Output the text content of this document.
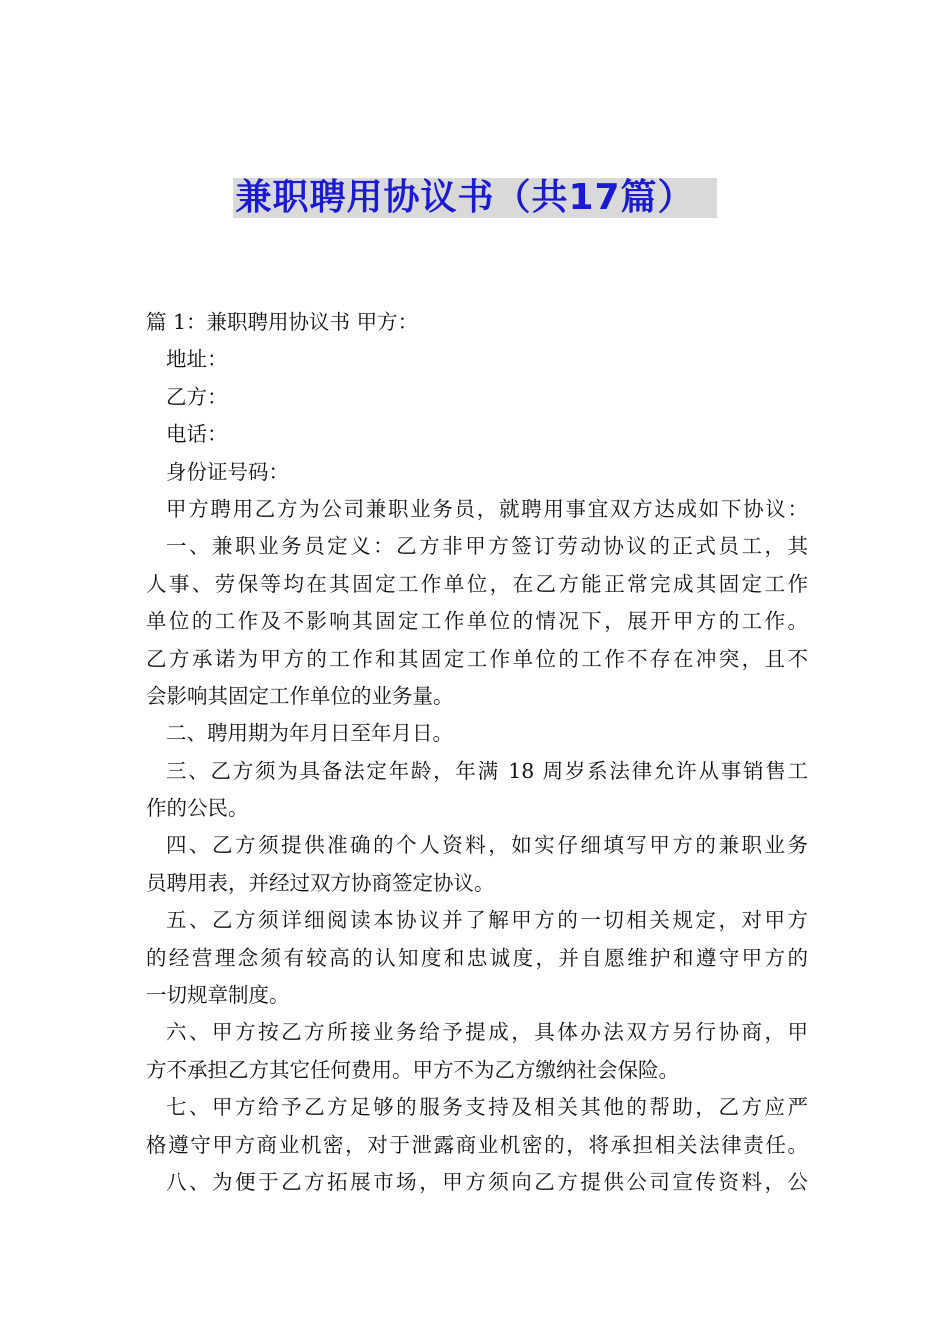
兼职聘用协议书（共17篇）
篇 1：兼职聘用协议书 甲方：
地址：
乙方：
电话：
身份证号码：
甲方聘用乙方为公司兼职业务员，就聘用事宜双方达成如下协议：
一、兼职业务员定义：乙方非甲方签订劳动协议的正式员工，其
人事、劳保等均在其固定工作单位，在乙方能正常完成其固定工作
单位的工作及不影响其固定工作单位的情况下，展开甲方的工作。
乙方承诺为甲方的工作和其固定工作单位的工作不存在冲突，且不
会影响其固定工作单位的业务量。
二、聘用期为年月日至年月日。
三、乙方须为具备法定年龄，年满 18 周岁系法律允许从事销售工
作的公民。
四、乙方须提供准确的个人资料，如实仔细填写甲方的兼职业务
员聘用表，并经过双方协商签定协议。
五、乙方须详细阅读本协议并了解甲方的一切相关规定，对甲方
的经营理念须有较高的认知度和忠诚度，并自愿维护和遵守甲方的
一切规章制度。
六、甲方按乙方所接业务给予提成，具体办法双方另行协商，甲
方不承担乙方其它任何费用。甲方不为乙方缴纳社会保险。
七、甲方给予乙方足够的服务支持及相关其他的帮助，乙方应严
格遵守甲方商业机密，对于泄露商业机密的，将承担相关法律责任。
八、为便于乙方拓展市场，甲方须向乙方提供公司宣传资料，公
